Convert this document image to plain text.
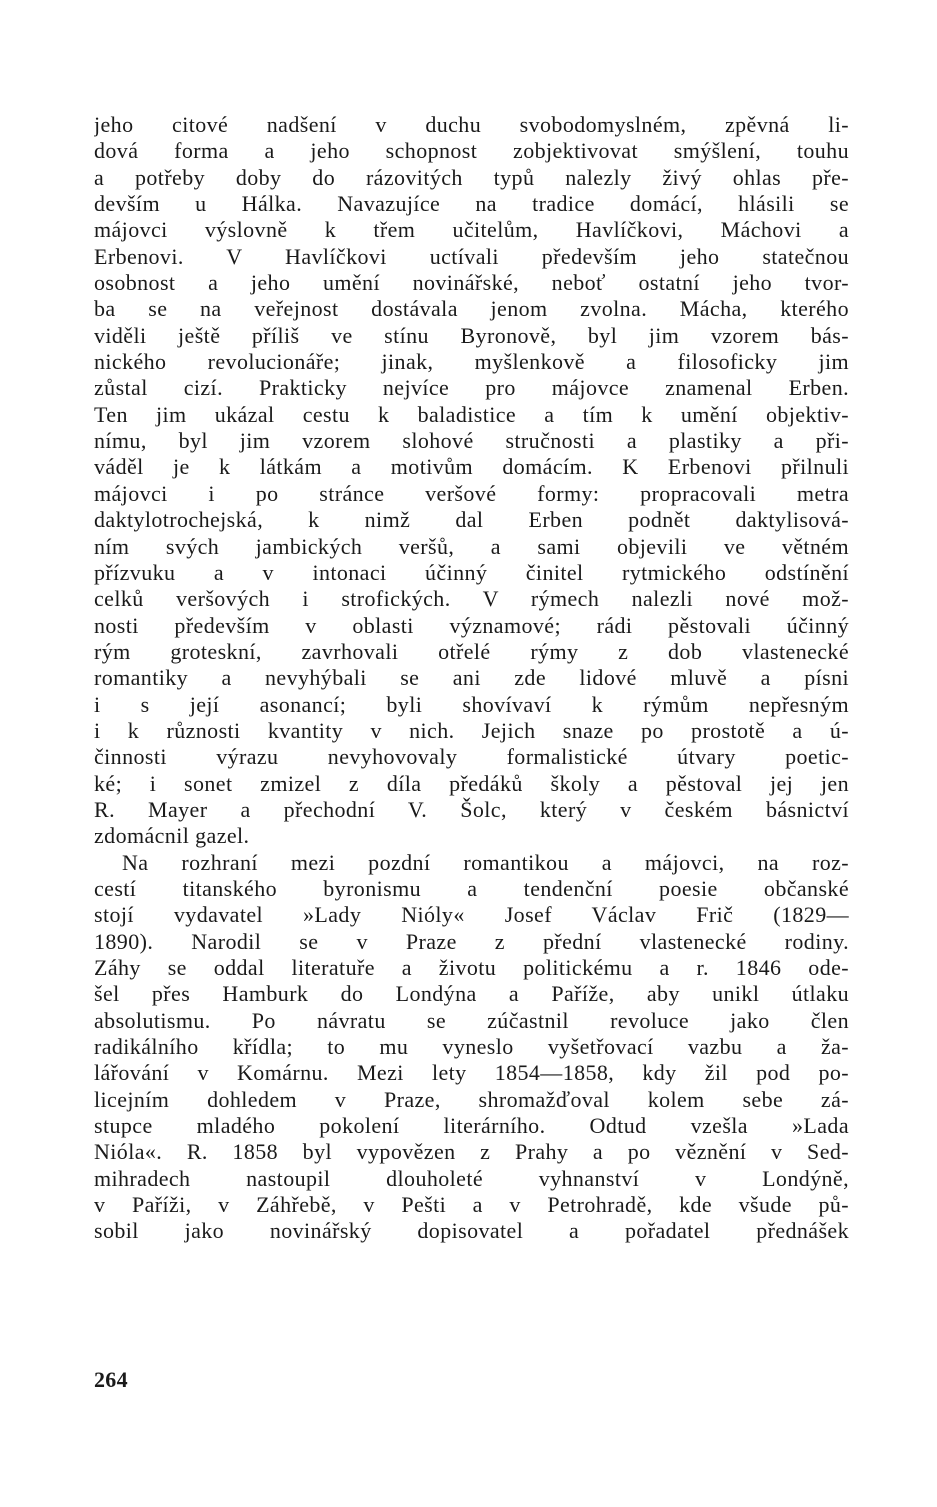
jeho citové nadšení v duchu svobodomyslném, zpěvná li-
dová forma a jeho schopnost zobjektivovat smýšlení, touhu
a potřeby doby do rázovitých typů nalezly živý ohlas pře-
devším u Hálka. Navazujíce na tradice domácí, hlásili se
májovci výslovně k třem učitelům, Havlíčkovi, Máchovi a
Erbenovi. V Havlíčkovi uctívali především jeho statečnou
osobnost a jeho umění novinářské, neboť ostatní jeho tvor-
ba se na veřejnost dostávala jenom zvolna. Mácha, kterého
viděli ještě příliš ve stínu Byronově, byl jim vzorem bás-
nického revolucionáře; jinak, myšlenkově a filosoficky jim
zůstal cizí. Prakticky nejvíce pro májovce znamenal Erben.
Ten jim ukázal cestu k baladistice a tím k umění objektiv-
nímu, byl jim vzorem slohové stručnosti a plastiky a při-
váděl je k látkám a motivům domácím. K Erbenovi přilnuli
májovci i po stránce veršové formy: propracovali metra
daktylotrochejská, k nimž dal Erben podnět daktylisová-
ním svých jambických veršů, a sami objevili ve větném
přízvuku a v intonaci účinný činitel rytmického odstínění
celků veršových i strofických. V rýmech nalezli nové mož-
nosti především v oblasti významové; rádi pěstovali účinný
rým groteskní, zavrhovali otřelé rýmy z dob vlastenecké
romantiky a nevyhýbali se ani zde lidové mluvě a písni
i s její asonancí; byli shovívaví k rýmům nepřesným
i k různosti kvantity v nich. Jejich snaze po prostotě a ú-
činnosti výrazu nevyhovovaly formalistické útvary poetic-
ké; i sonet zmizel z díla předáků školy a pěstoval jej jen
R. Mayer a přechodní V. Šolc, který v českém básnictví
zdomácnil gazel.
Na rozhraní mezi pozdní romantikou a májovci, na roz-
cestí titanského byronismu a tendenční poesie občanské
stojí vydavatel »Lady Nióly« Josef Václav Frič (1829—
1890). Narodil se v Praze z přední vlastenecké rodiny.
Záhy se oddal literatuře a životu politickému a r. 1846 ode-
šel přes Hamburk do Londýna a Paříže, aby unikl útlaku
absolutismu. Po návratu se zúčastnil revoluce jako člen
radikálního křídla; to mu vyneslo vyšetřovací vazbu a ža-
lářování v Komárnu. Mezi lety 1854—1858, kdy žil pod po-
licejním dohledem v Praze, shromažďoval kolem sebe zá-
stupce mladého pokolení literárního. Odtud vzešla »Lada
Nióla«. R. 1858 byl vypovězen z Prahy a po věznění v Sed-
mihradech nastoupil dlouholeté vyhnanství v Londýně,
v Paříži, v Záhřebě, v Pešti a v Petrohradě, kde všude pů-
sobil jako novinářský dopisovatel a pořadatel přednášek
264
